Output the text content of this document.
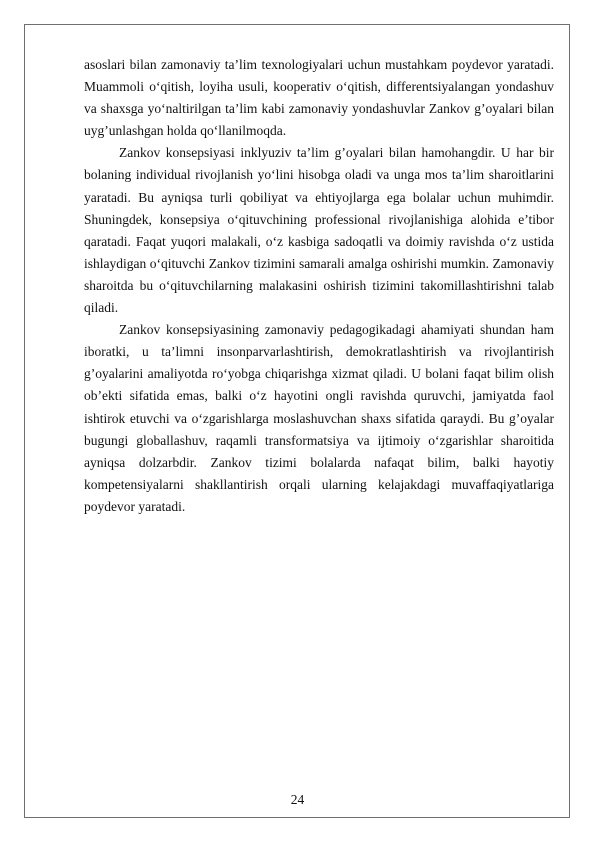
asoslari bilan zamonaviy ta’lim texnologiyalari uchun mustahkam poydevor yaratadi. Muammoli o‘qitish, loyiha usuli, kooperativ o‘qitish, differentsiyalangan yondashuv va shaxsga yo‘naltirilgan ta’lim kabi zamonaviy yondashuvlar Zankov g’oyalari bilan uyg’unlashgan holda qo‘llanilmoqda.

Zankov konsepsiyasi inklyuziv ta’lim g’oyalari bilan hamohangdir. U har bir bolaning individual rivojlanish yo‘lini hisobga oladi va unga mos ta’lim sharoitlarini yaratadi. Bu ayniqsa turli qobiliyat va ehtiyojlarga ega bolalar uchun muhimdir. Shuningdek, konsepsiya o‘qituvchining professional rivojlanishiga alohida e’tibor qaratadi. Faqat yuqori malakali, o‘z kasbiga sadoqatli va doimiy ravishda o‘z ustida ishlaydigan o‘qituvchi Zankov tizimini samarali amalga oshirishi mumkin. Zamonaviy sharoitda bu o‘qituvchilarning malakasini oshirish tizimini takomillashtirishni talab qiladi.

Zankov konsepsiyasining zamonaviy pedagogikadagi ahamiyati shundan ham iboratki, u ta’limni insonparvarlashtirish, demokratlashtirish va rivojlantirish g’oyalarini amaliyotda ro‘yobga chiqarishga xizmat qiladi. U bolani faqat bilim olish ob’ekti sifatida emas, balki o‘z hayotini ongli ravishda quruvchi, jamiyatda faol ishtirok etuvchi va o‘zgarishlarga moslashuvchan shaxs sifatida qaraydi. Bu g’oyalar bugungi globallashuv, raqamli transformatsiya va ijtimoiy o‘zgarishlar sharoitida ayniqsa dolzarbdir. Zankov tizimi bolalarda nafaqat bilim, balki hayotiy kompetensiyalarni shakllantirish orqali ularning kelajakdagi muvaffaqiyatlariga poydevor yaratadi.

24
